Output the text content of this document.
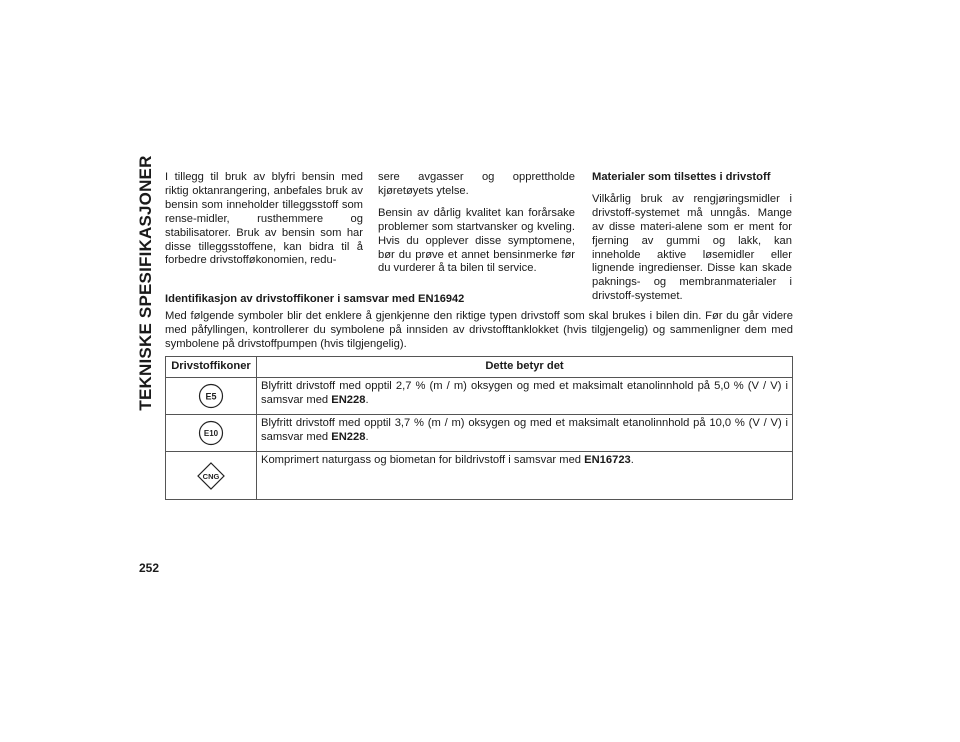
TEKNISKE SPESIFIKASJONER I tillegg til bruk av blyfri bensin med riktig oktanrangering, anbefales bruk av bensin som inneholder tilleggsstoff som rense-midler, rusthemmere og stabilisatorer. Bruk av bensin som har disse tilleggsstoffene, kan bidra til å forbedre drivstofføkonomien, redu-

sere avgasser og opprettholde kjøretøyets ytelse.

Bensin av dårlig kvalitet kan forårsake problemer som startvansker og kveling. Hvis du opplever disse symptomene, bør du prøve et annet bensinmerke før du vurderer å ta bilen til service.

Materialer som tilsettes i drivstoff

Vilkårlig bruk av rengjøringsmidler i drivstoff-systemet må unngås. Mange av disse materi-alene som er ment for fjerning av gummi og lakk, kan inneholde aktive løsemidler eller lignende ingredienser. Disse kan skade paknings- og membranmaterialer i drivstoff-systemet.

Identifikasjon av drivstoffikoner i samsvar med EN16942

Med følgende symboler blir det enklere å gjenkjenne den riktige typen drivstoff som skal brukes i bilen din. Før du går videre med påfyllingen, kontrollerer du symbolene på innsiden av drivstofftanklokket (hvis tilgjengelig) og sammenligner dem med symbolene på drivstoffpumpen (hvis tilgjengelig).

Drivstoffikoner	Dette betyr det

E5	Blyfritt drivstoff med opptil 2,7 % (m / m) oksygen og med et maksimalt etanolinnhold på 5,0 % (V / V) i samsvar med EN228.

E10	Blyfritt drivstoff med opptil 3,7 % (m / m) oksygen og med et maksimalt etanolinnhold på 10,0 % (V / V) i samsvar med EN228.

CNG	Komprimert naturgass og biometan for bildrivstoff i samsvar med EN16723.
252
